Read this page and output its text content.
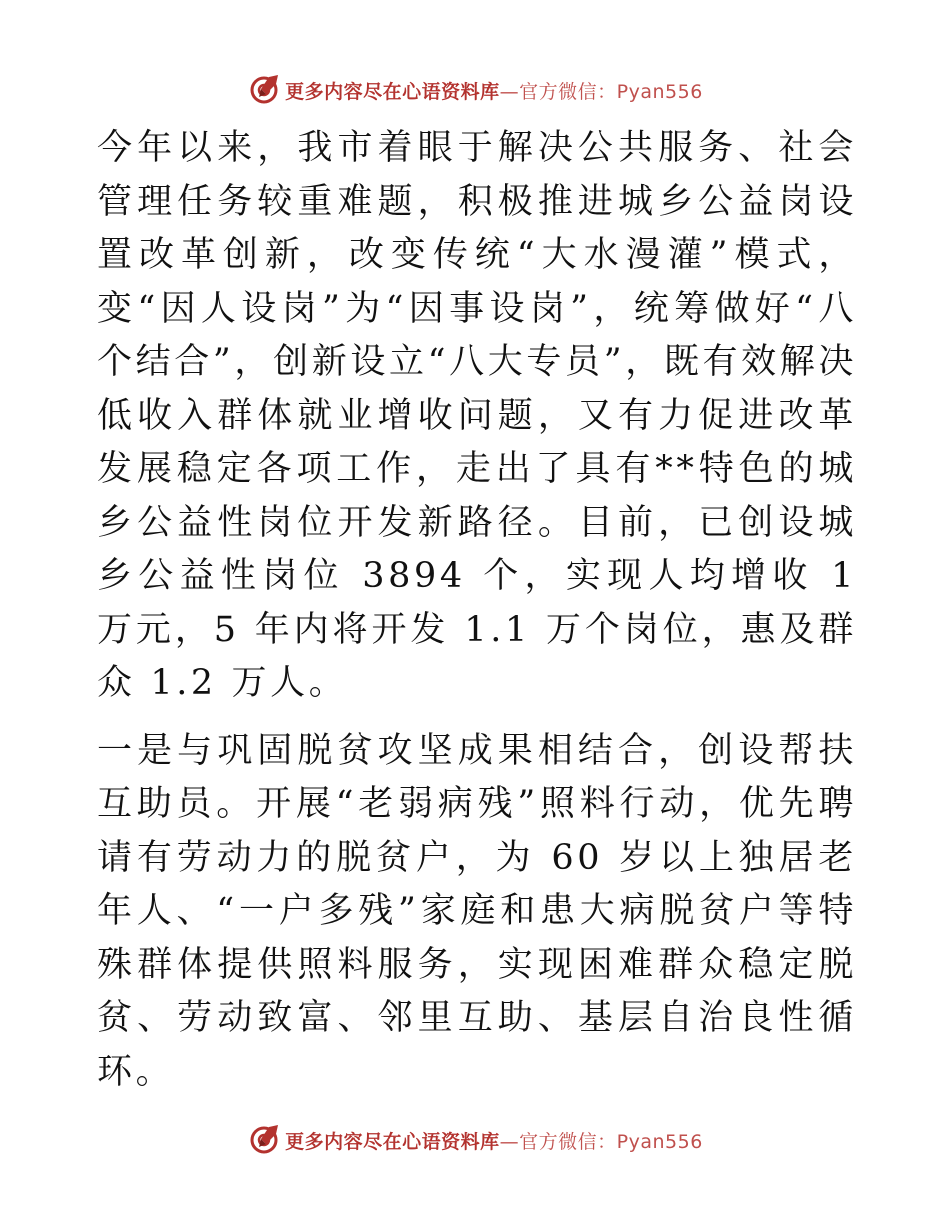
更多内容尽在心语资料库 —官方微信：Pyan556

今年以来，我市着眼于解决公共服务、社会管理任务较重难题，积极推进城乡公益岗设置改革创新，改变传统“大水漫灌”模式，变“因人设岗”为“因事设岗”，统筹做好“八个结合”，创新设立“八大专员”，既有效解决低收入群体就业增收问题，又有力促进改革发展稳定各项工作，走出了具有**特色的城乡公益性岗位开发新路径。目前，已创设城乡公益性岗位 3894 个，实现人均增收 1 万元，5 年内将开发 1.1 万个岗位，惠及群众 1.2 万人。

一是与巩固脱贫攻坚成果相结合，创设帮扶互助员。开展“老弱病残”照料行动，优先聘请有劳动力的脱贫户，为 60 岁以上独居老年人、“一户多残”家庭和患大病脱贫户等特殊群体提供照料服务，实现困难群众稳定脱贫、劳动致富、邻里互助、基层自治良性循环。

更多内容尽在心语资料库 —官方微信：Pyan556
